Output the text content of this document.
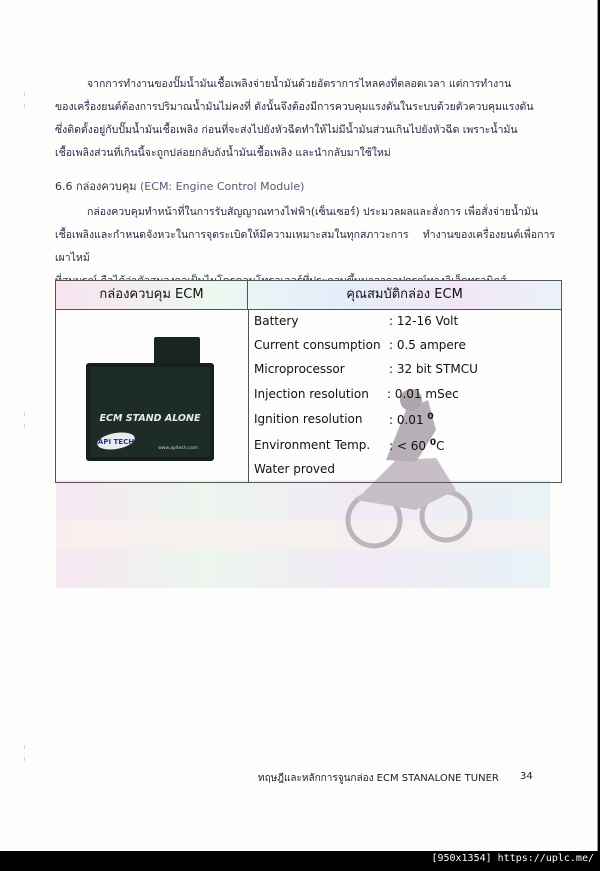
I
·
I
I
·
I
I
·
I
จากการทำงานของปั๊มน้ำมันเชื้อเพลิงจ่ายน้ำมันด้วยอัตราการไหลคงที่ตลอดเวลา แต่การทำงาน
ของเครื่องยนต์ต้องการปริมาณน้ำมันไม่คงที่ ดังนั้นจึงต้องมีการควบคุมแรงดันในระบบด้วยตัวควบคุมแรงดัน
ซึ่งติดตั้งอยู่กับปั๊มน้ำมันเชื้อเพลิง ก่อนที่จะส่งไปยังหัวฉีดทำให้ไม่มีน้ำมันส่วนเกินไปยังหัวฉีด เพราะน้ำมัน
เชื้อเพลิงส่วนที่เกินนี้จะถูกปล่อยกลับถังน้ำมันเชื้อเพลิง และนำกลับมาใช้ใหม่
6.6 กล่องควบคุม (ECM: Engine Control Module)
กล่องควบคุมทำหน้าที่ในการรับสัญญาณทางไฟฟ้า(เซ็นเซอร์) ประมวลผลและสั่งการ เพื่อสั่งจ่ายน้ำมัน
เชื้อเพลิงและกำหนดจังหวะในการจุดระเบิดให้มีความเหมาะสมในทุกสภาวะการ ทำงานของเครื่องยนต์เพื่อการเผาไหม้
กล่องควบคุม ECM	คุณสมบัติกล่อง ECM
ECM STAND ALONE
API TECH
www.apitech.com
Battery	: 12-16 Volt
Current consumption : 0.5 ampere
Microprocessor	: 32 bit STMCU
Injection resolution : 0.01 mSec
Ignition resolution : 0.01 $^0$
Environment Temp. : < 60 $^0$C
Water proved
ทฤษฎีและหลักการจูนกล่อง ECM STANALONE TUNER 34
[950x1354] https://uplc.me/
